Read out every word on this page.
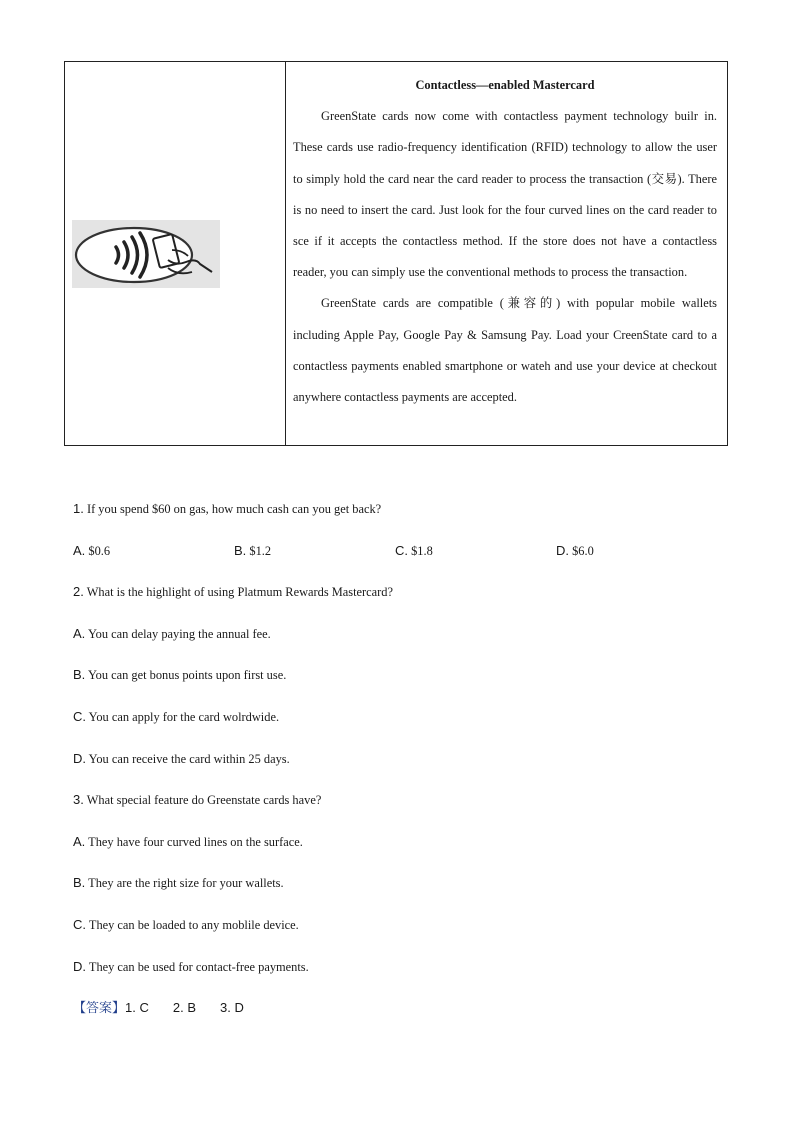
Contactless—enabled Mastercard

GreenState cards now come with contactless payment technology builr in. These cards use radio-frequency identification (RFID) technology to allow the user to simply hold the card near the card reader to process the transaction (交易). There is no need to insert the card. Just look for the four curved lines on the card reader to sce if it accepts the contactless method. If the store does not have a contactless reader, you can simply use the conventional methods to process the transaction.

GreenState cards are compatible (兼容的) with popular mobile wallets including Apple Pay, Google Pay & Samsung Pay. Load your CreenState card to a contactless payments enabled smartphone or wateh and use your device at checkout anywhere contactless payments are accepted.

1. If you spend $60 on gas, how much cash can you get back?
A. $0.6	B. $1.2	C. $1.8	D. $6.0
2. What is the highlight of using Platmum Rewards Mastercard?
A. You can delay paying the annual fee.
B. You can get bonus points upon first use.
C. You can apply for the card wolrdwide.
D. You can receive the card within 25 days.
3. What special feature do Greenstate cards have?
A. They have four curved lines on the surface.
B. They are the right size for your wallets.
C. They can be loaded to any moblile device.
D. They can be used for contact-free payments.
【答案】1. C 2. B 3. D
